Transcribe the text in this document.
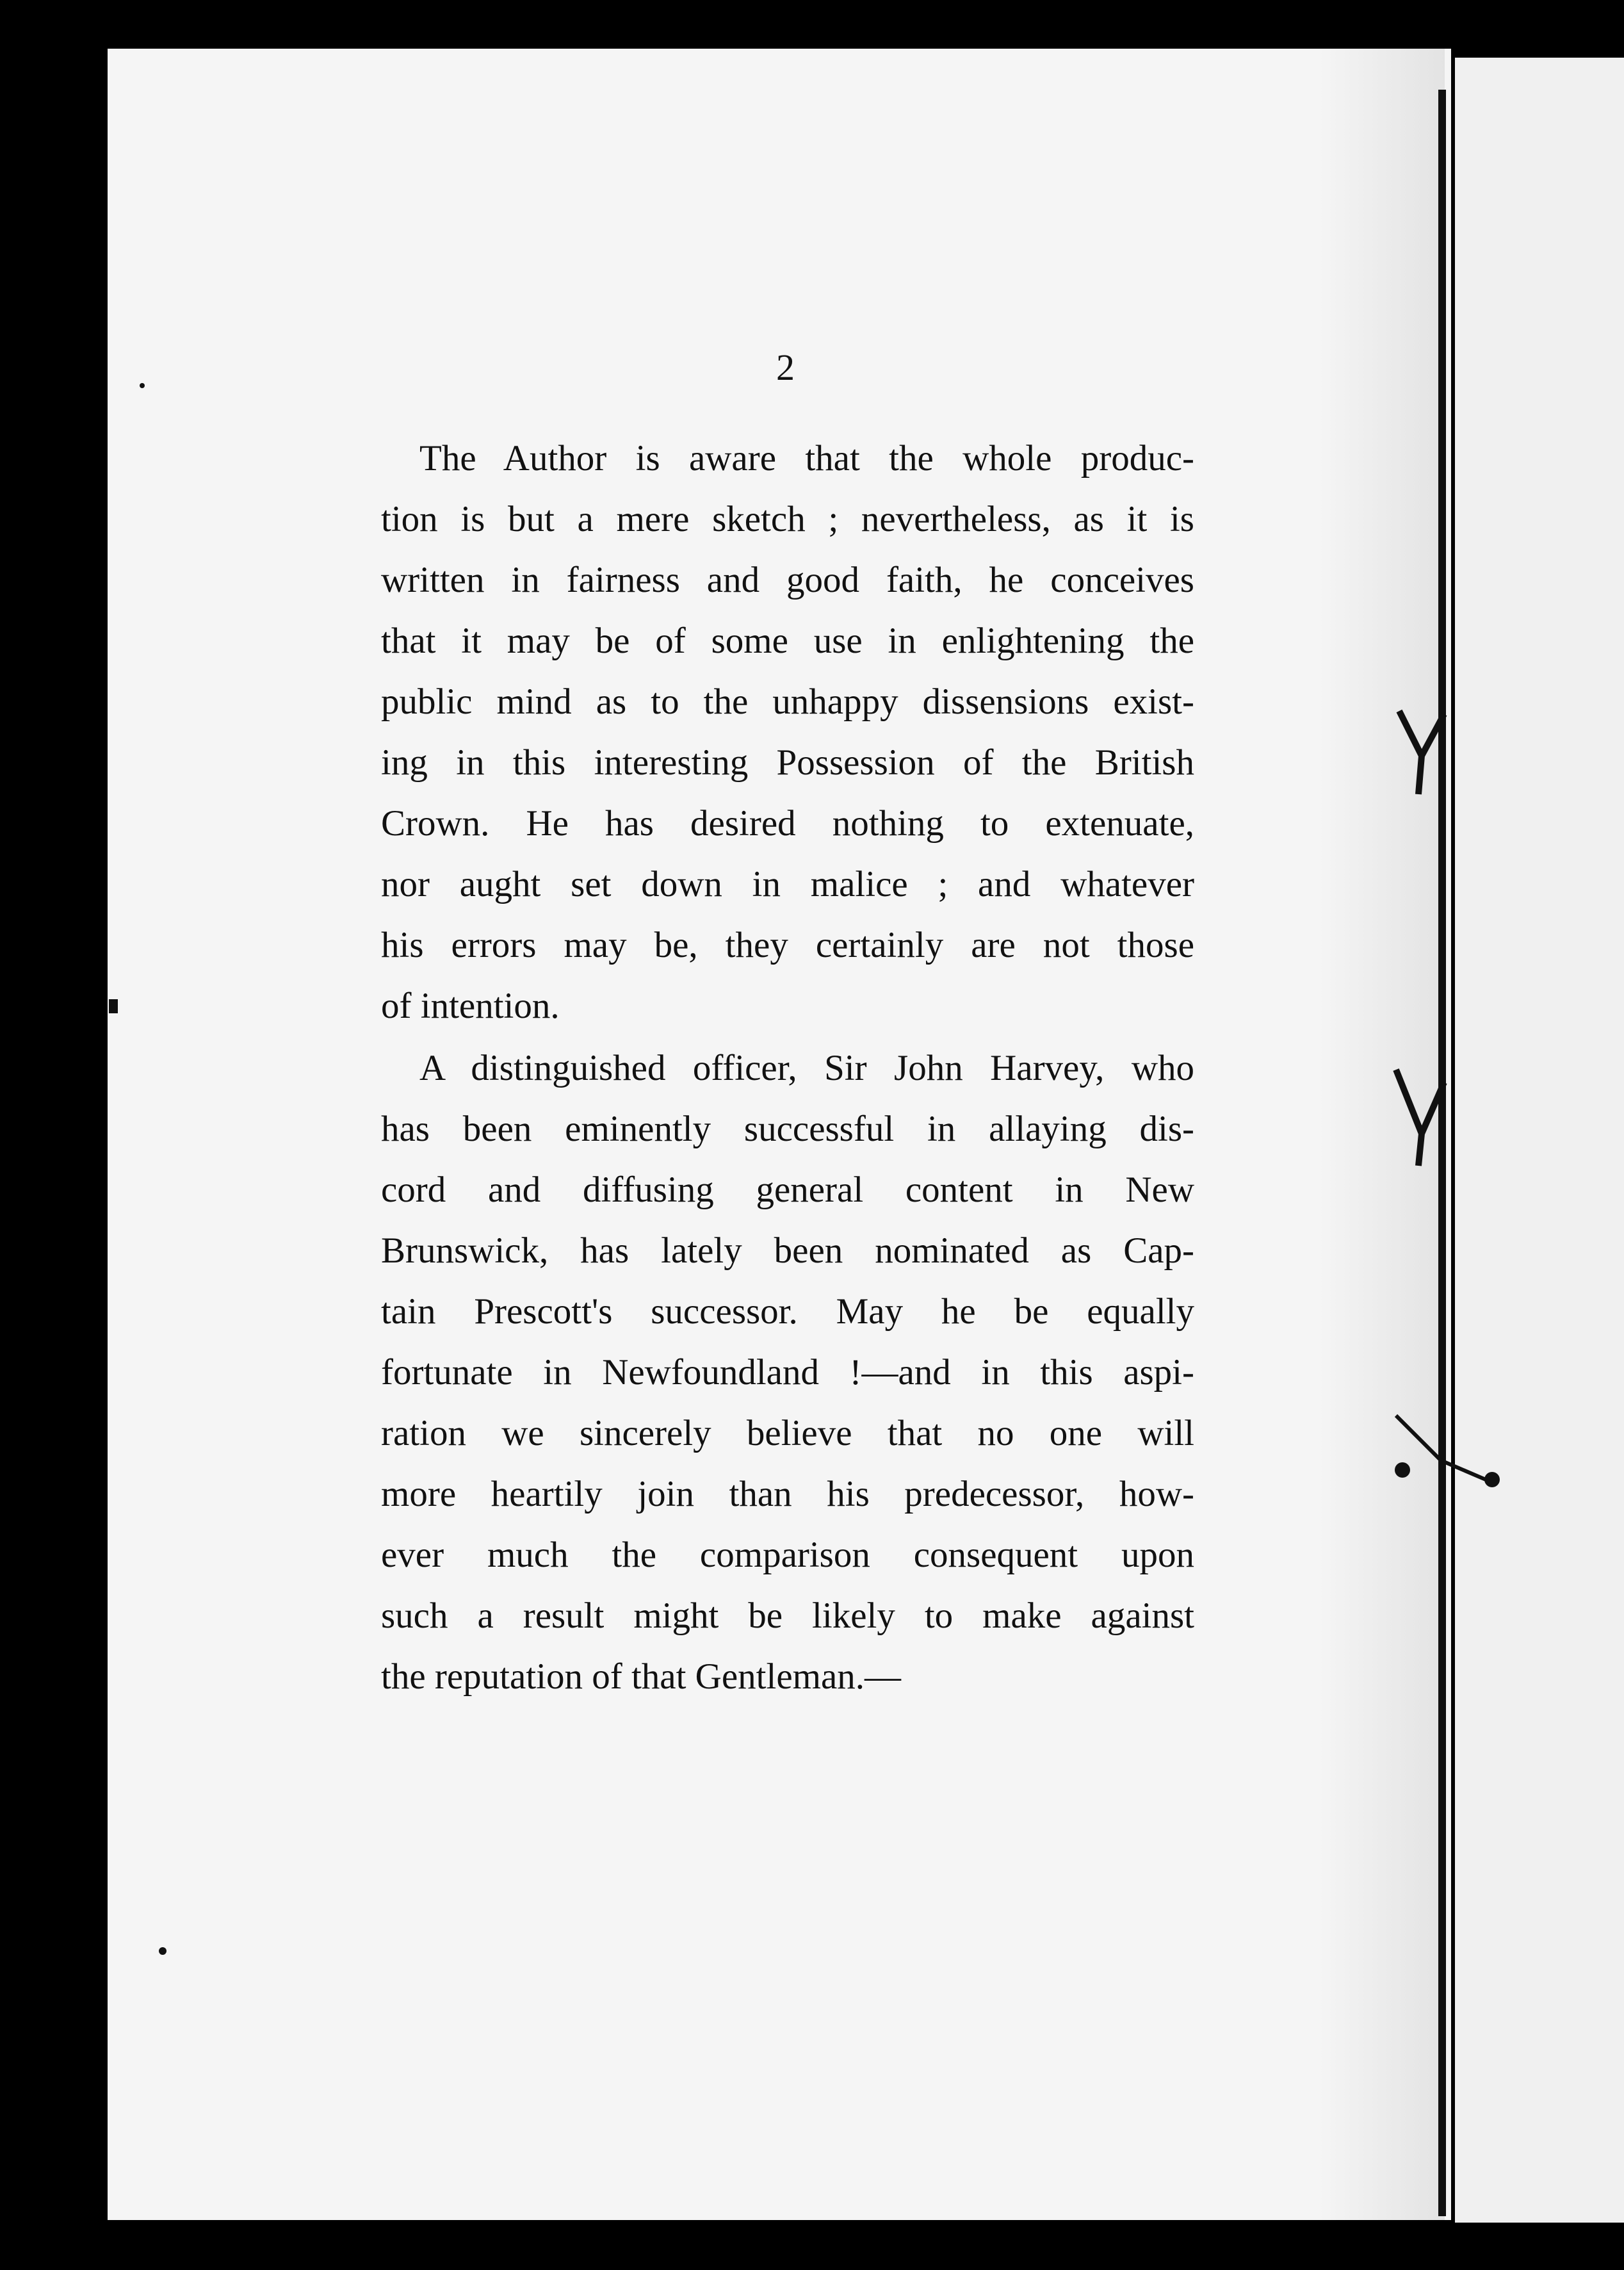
2
The Author is aware that the whole produc-
tion is but a mere sketch ; nevertheless, as it is
written in fairness and good faith, he conceives
that it may be of some use in enlightening the
public mind as to the unhappy dissensions exist-
ing in this interesting Possession of the British
Crown. He has desired nothing to extenuate,
nor aught set down in malice ; and whatever
his errors may be, they certainly are not those
of intention.
A distinguished officer, Sir John Harvey, who
has been eminently successful in allaying dis-
cord and diffusing general content in New
Brunswick, has lately been nominated as Cap-
tain Prescott's successor. May he be equally
fortunate in Newfoundland !—and in this aspi-
ration we sincerely believe that no one will
more heartily join than his predecessor, how-
ever much the comparison consequent upon
such a result might be likely to make against
the reputation of that Gentleman.—
